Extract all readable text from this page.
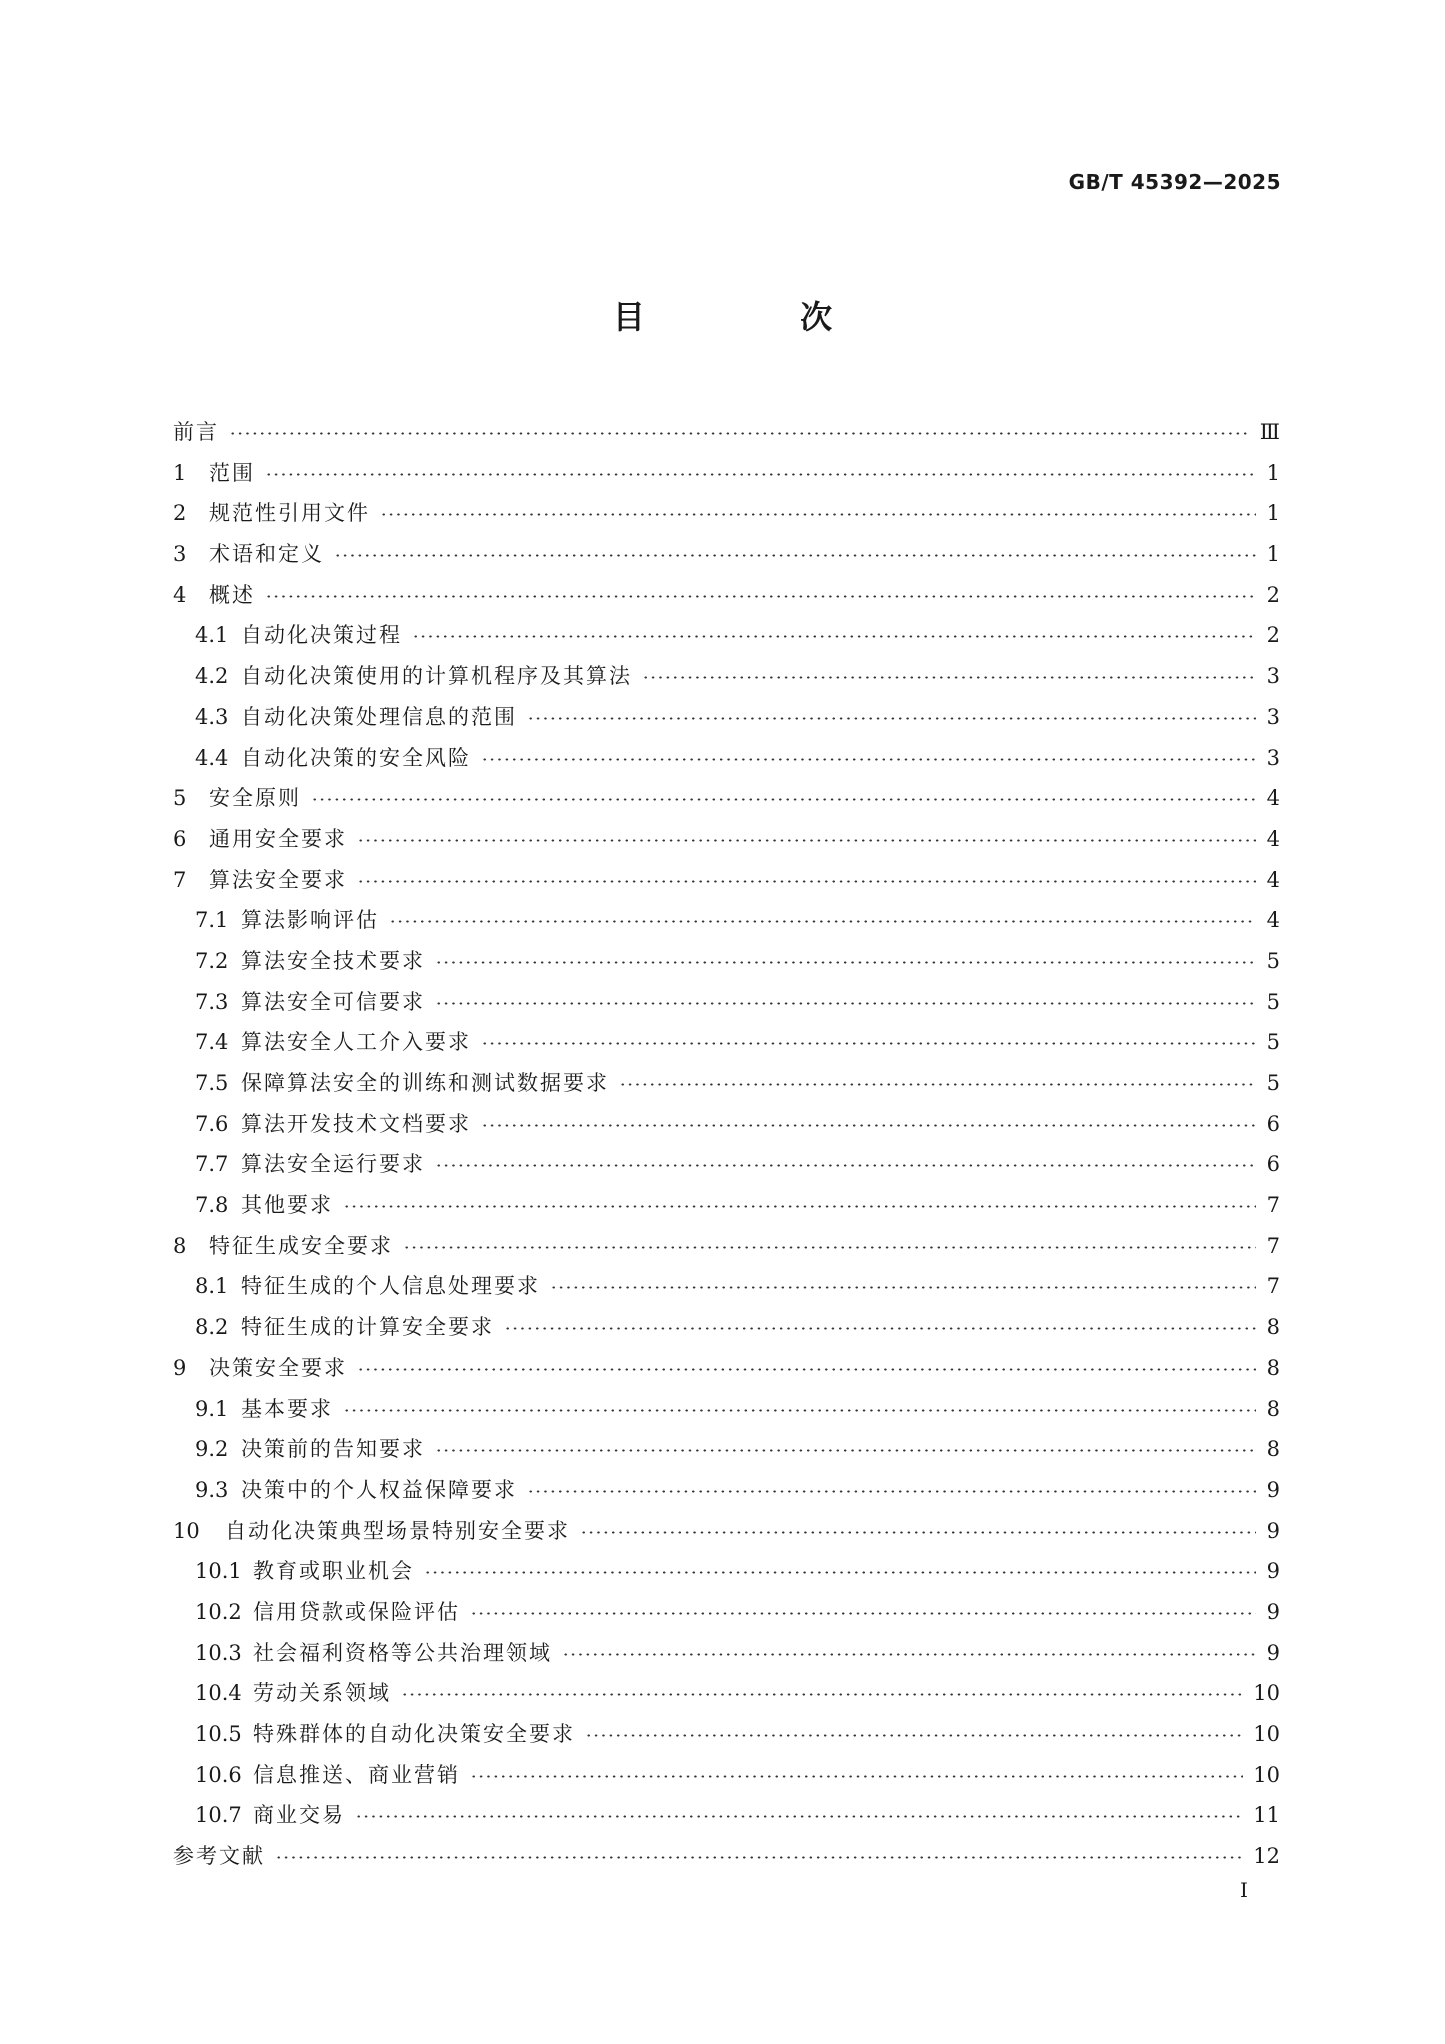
GB/T 45392—2025
目 次
前言	Ⅲ
1	范围	1
2	规范性引用文件	1
3	术语和定义	1
4	概述	2
4.1 自动化决策过程	2
4.2 自动化决策使用的计算机程序及其算法	3
4.3 自动化决策处理信息的范围	3
4.4 自动化决策的安全风险	3
5	安全原则	4
6	通用安全要求	4
7	算法安全要求	4
7.1 算法影响评估	4
7.2 算法安全技术要求	5
7.3 算法安全可信要求	5
7.4 算法安全人工介入要求	5
7.5 保障算法安全的训练和测试数据要求	5
7.6 算法开发技术文档要求	6
7.7 算法安全运行要求	6
7.8 其他要求	7
8	特征生成安全要求	7
8.1 特征生成的个人信息处理要求	7
8.2 特征生成的计算安全要求	8
9	决策安全要求	8
9.1 基本要求	8
9.2 决策前的告知要求	8
9.3 决策中的个人权益保障要求	9
10	自动化决策典型场景特别安全要求	9
10.1 教育或职业机会	9
10.2 信用贷款或保险评估	9
10.3 社会福利资格等公共治理领域	9
10.4 劳动关系领域	10
10.5 特殊群体的自动化决策安全要求	10
10.6 信息推送、商业营销	10
10.7 商业交易	11
参考文献	12
I
